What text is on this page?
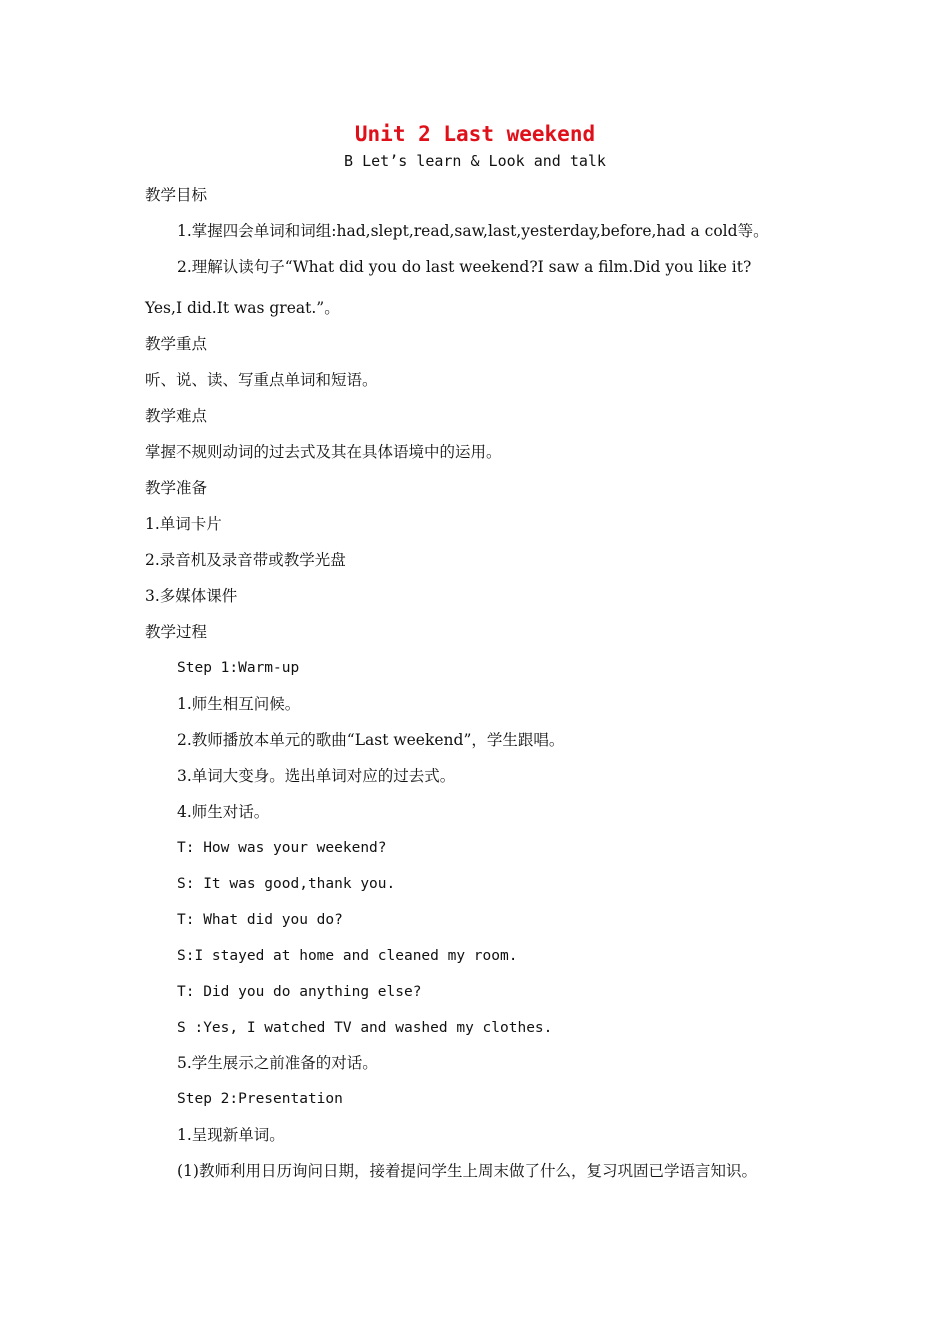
Unit 2 Last weekend
B Let’s learn & Look and talk
教学目标
1.掌握四会单词和词组:had,slept,read,saw,last,yesterday,before,had a cold等。
2.理解认读句子“What did you do last weekend?I saw a film.Did you like it?
Yes,I did.It was great.”。
教学重点
听、说、读、写重点单词和短语。
教学难点
掌握不规则动词的过去式及其在具体语境中的运用。
教学准备
1.单词卡片
2.录音机及录音带或教学光盘
3.多媒体课件
教学过程
Step 1:Warm-up
1.师生相互问候。
2.教师播放本单元的歌曲“Last weekend”，学生跟唱。
3.单词大变身。选出单词对应的过去式。
4.师生对话。
T: How was your weekend?
S: It was good,thank you.
T: What did you do?
S:I stayed at home and cleaned my room.
T: Did you do anything else?
S :Yes, I watched TV and washed my clothes.
5.学生展示之前准备的对话。
Step 2:Presentation
1.呈现新单词。
(1)教师利用日历询问日期，接着提问学生上周末做了什么，复习巩固已学语言知识。
